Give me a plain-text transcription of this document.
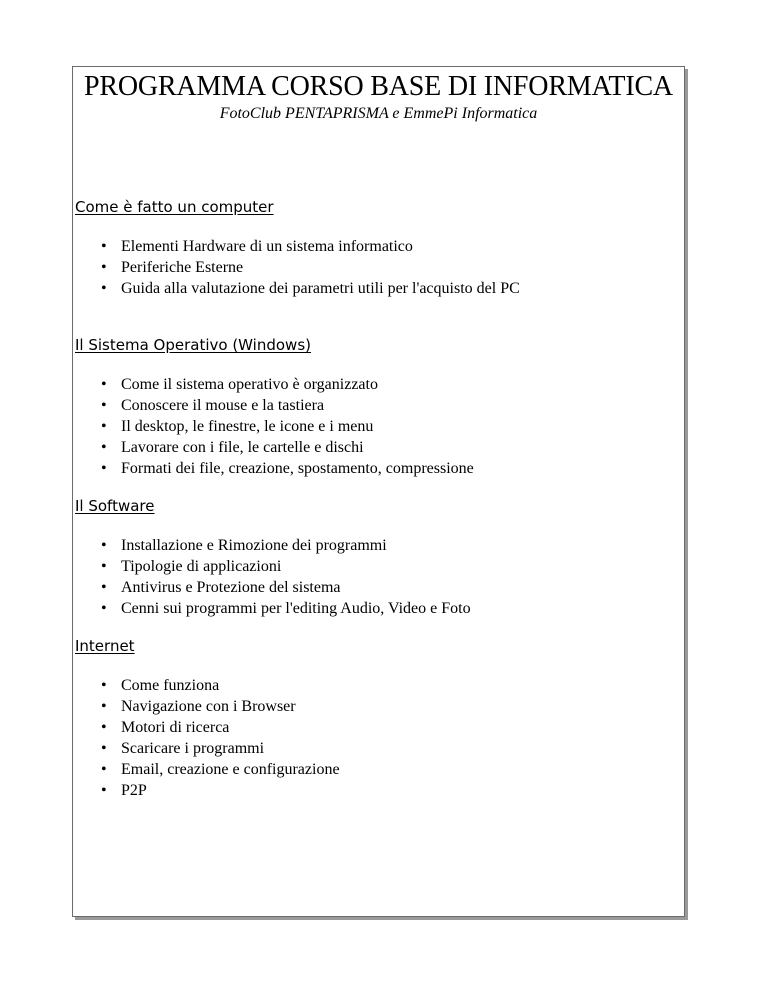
PROGRAMMA CORSO BASE DI INFORMATICA

FotoClub PENTAPRISMA e EmmePi Informatica

Come è fatto un computer
• Elementi Hardware di un sistema informatico
• Periferiche Esterne
• Guida alla valutazione dei parametri utili per l'acquisto del PC
Il Sistema Operativo (Windows)
• Come il sistema operativo è organizzato
• Conoscere il mouse e la tastiera
• Il desktop, le finestre, le icone e i menu
• Lavorare con i file, le cartelle e dischi
• Formati dei file, creazione, spostamento, compressione
Il Software
• Installazione e Rimozione dei programmi
• Tipologie di applicazioni
• Antivirus e Protezione del sistema
• Cenni sui programmi per l'editing Audio, Video e Foto
Internet
• Come funziona
• Navigazione con i Browser
• Motori di ricerca
• Scaricare i programmi
• Email, creazione e configurazione
• P2P
